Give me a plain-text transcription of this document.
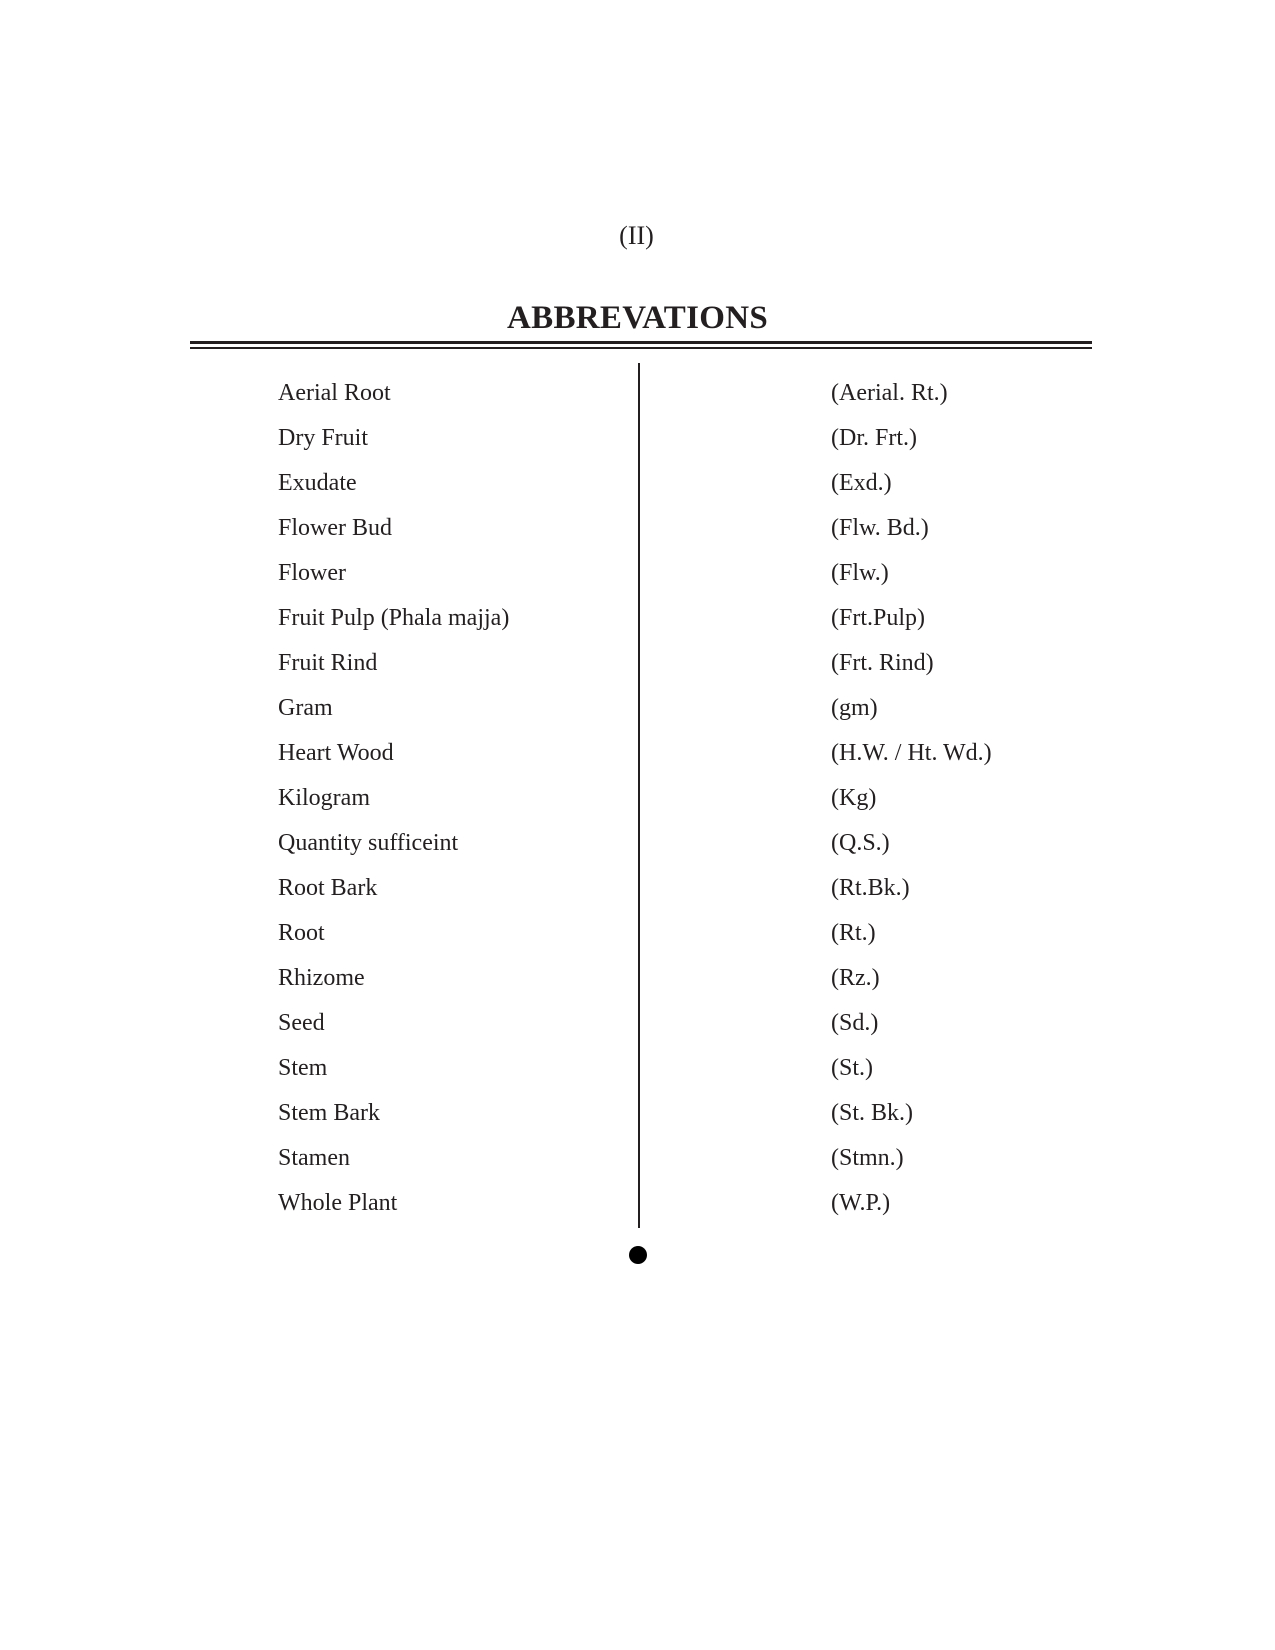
(II)
ABBREVATIONS
Aerial Root	(Aerial. Rt.)
Dry Fruit	(Dr. Frt.)
Exudate	(Exd.)
Flower Bud	(Flw. Bd.)
Flower	(Flw.)
Fruit Pulp (Phala majja)	(Frt.Pulp)
Fruit Rind	(Frt. Rind)
Gram	(gm)
Heart Wood	(H.W. / Ht. Wd.)
Kilogram	(Kg)
Quantity sufficeint	(Q.S.)
Root Bark	(Rt.Bk.)
Root	(Rt.)
Rhizome	(Rz.)
Seed	(Sd.)
Stem	(St.)
Stem Bark	(St. Bk.)
Stamen	(Stmn.)
Whole Plant	(W.P.)
